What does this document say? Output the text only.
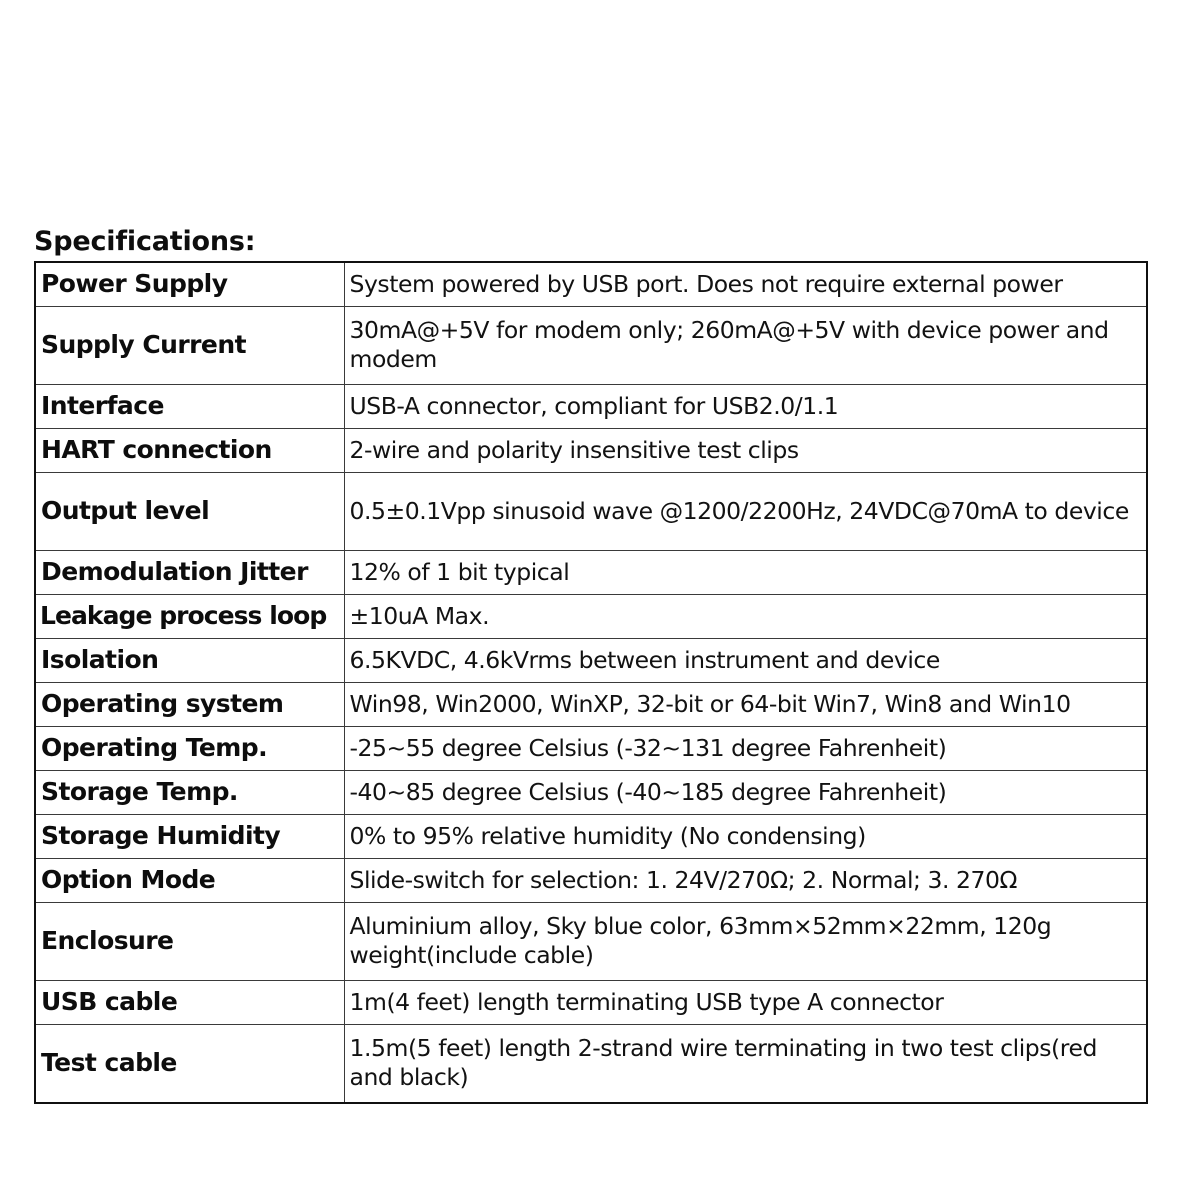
Specifications:
Power Supply	System powered by USB port. Does not require external power
Supply Current	30mA@+5V for modem only; 260mA@+5V with device power and modem
Interface	USB-A connector, compliant for USB2.0/1.1
HART connection	2-wire and polarity insensitive test clips
Output level	0.5±0.1Vpp sinusoid wave @1200/2200Hz, 24VDC@70mA to device
Demodulation Jitter	12% of 1 bit typical
Leakage process loop	±10uA Max.
Isolation	6.5KVDC, 4.6kVrms between instrument and device
Operating system	Win98, Win2000, WinXP, 32-bit or 64-bit Win7, Win8 and Win10
Operating Temp.	-25~55 degree Celsius (-32~131 degree Fahrenheit)
Storage Temp.	-40~85 degree Celsius (-40~185 degree Fahrenheit)
Storage Humidity	0% to 95% relative humidity (No condensing)
Option Mode	Slide-switch for selection: 1. 24V/270Ω; 2. Normal; 3. 270Ω
Enclosure	Aluminium alloy, Sky blue color, 63mm×52mm×22mm, 120g weight(include cable)
USB cable	1m(4 feet) length terminating USB type A connector
Test cable	1.5m(5 feet) length 2-strand wire terminating in two test clips(red and black)
